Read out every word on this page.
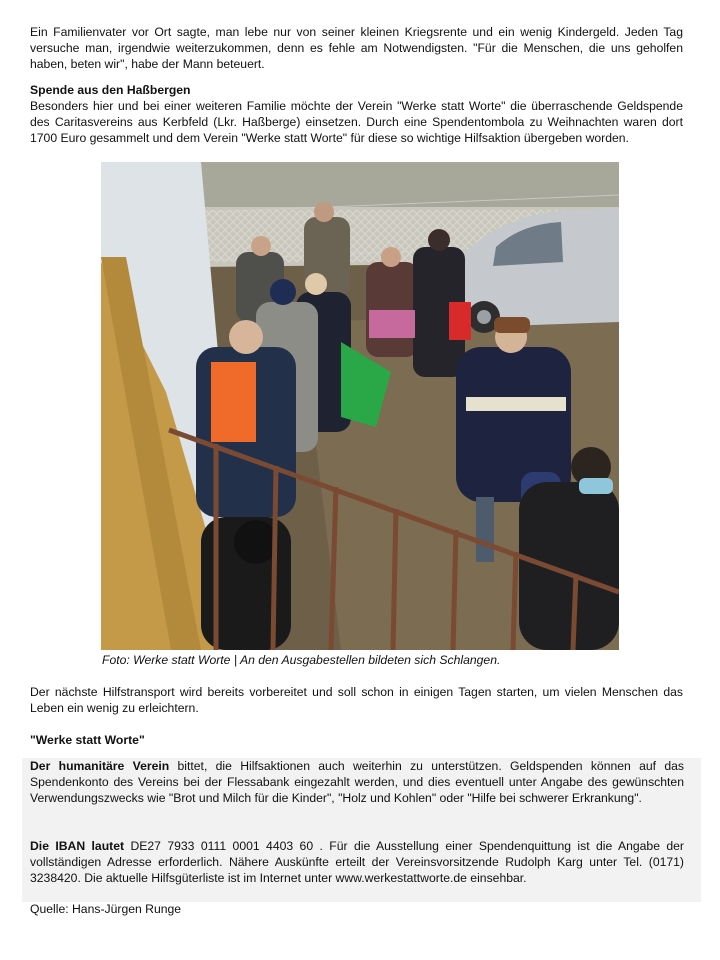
Ein Familienvater vor Ort sagte, man lebe nur von seiner kleinen Kriegsrente und ein wenig Kindergeld. Jeden Tag versuche man, irgendwie weiterzukommen, denn es fehle am Notwendigsten. "Für die Menschen, die uns geholfen haben, beten wir", habe der Mann beteuert.

Spende aus den Haßbergen

Besonders hier und bei einer weiteren Familie möchte der Verein "Werke statt Worte" die überraschende Geldspende des Caritasvereins aus Kerbfeld (Lkr. Haßberge) einsetzen. Durch eine Spendentombola zu Weihnachten waren dort 1700 Euro gesammelt und dem Verein "Werke statt Worte" für diese so wichtige Hilfsaktion übergeben worden.

Foto: Werke statt Worte | An den Ausgabestellen bildeten sich Schlangen.

Der nächste Hilfstransport wird bereits vorbereitet und soll schon in einigen Tagen starten, um vielen Menschen das Leben ein wenig zu erleichtern.

"Werke statt Worte"

Der humanitäre Verein bittet, die Hilfsaktionen auch weiterhin zu unterstützen. Geldspenden können auf das Spendenkonto des Vereins bei der Flessabank eingezahlt werden, und dies eventuell unter Angabe des gewünschten Verwendungszwecks wie "Brot und Milch für die Kinder", "Holz und Kohlen" oder "Hilfe bei schwerer Erkrankung".

Die IBAN lautet DE27 7933 0111 0001 4403 60 . Für die Ausstellung einer Spendenquittung ist die Angabe der vollständigen Adresse erforderlich. Nähere Auskünfte erteilt der Vereinsvorsitzende Rudolph Karg unter Tel. (0171) 3238420. Die aktuelle Hilfsgüterliste ist im Internet unter www.werkestattworte.de einsehbar.

Quelle: Hans-Jürgen Runge
